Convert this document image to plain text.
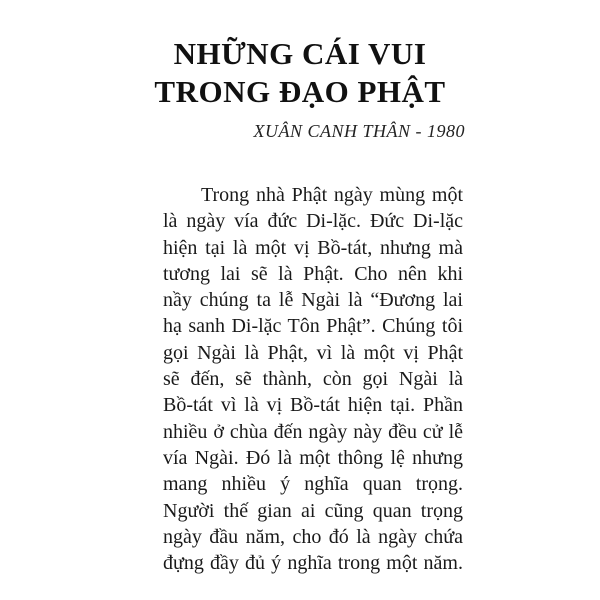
NHỮNG CÁI VUI
TRONG ĐẠO PHẬT
XUÂN CANH THÂN - 1980
Trong nhà Phật ngày mùng một
là ngày vía đức Di-lặc. Đức Di-lặc
hiện tại là một vị Bồ-tát, nhưng mà
tương lai sẽ là Phật. Cho nên khi
nầy chúng ta lễ Ngài là “Đương lai
hạ sanh Di-lặc Tôn Phật”. Chúng tôi
gọi Ngài là Phật, vì là một vị Phật
sẽ đến, sẽ thành, còn gọi Ngài là
Bồ-tát vì là vị Bồ-tát hiện tại. Phần
nhiều ở chùa đến ngày này đều cử lễ
vía Ngài. Đó là một thông lệ nhưng
mang nhiều ý nghĩa quan trọng.
Người thế gian ai cũng quan trọng
ngày đầu năm, cho đó là ngày chứa
đựng đầy đủ ý nghĩa trong một năm.
